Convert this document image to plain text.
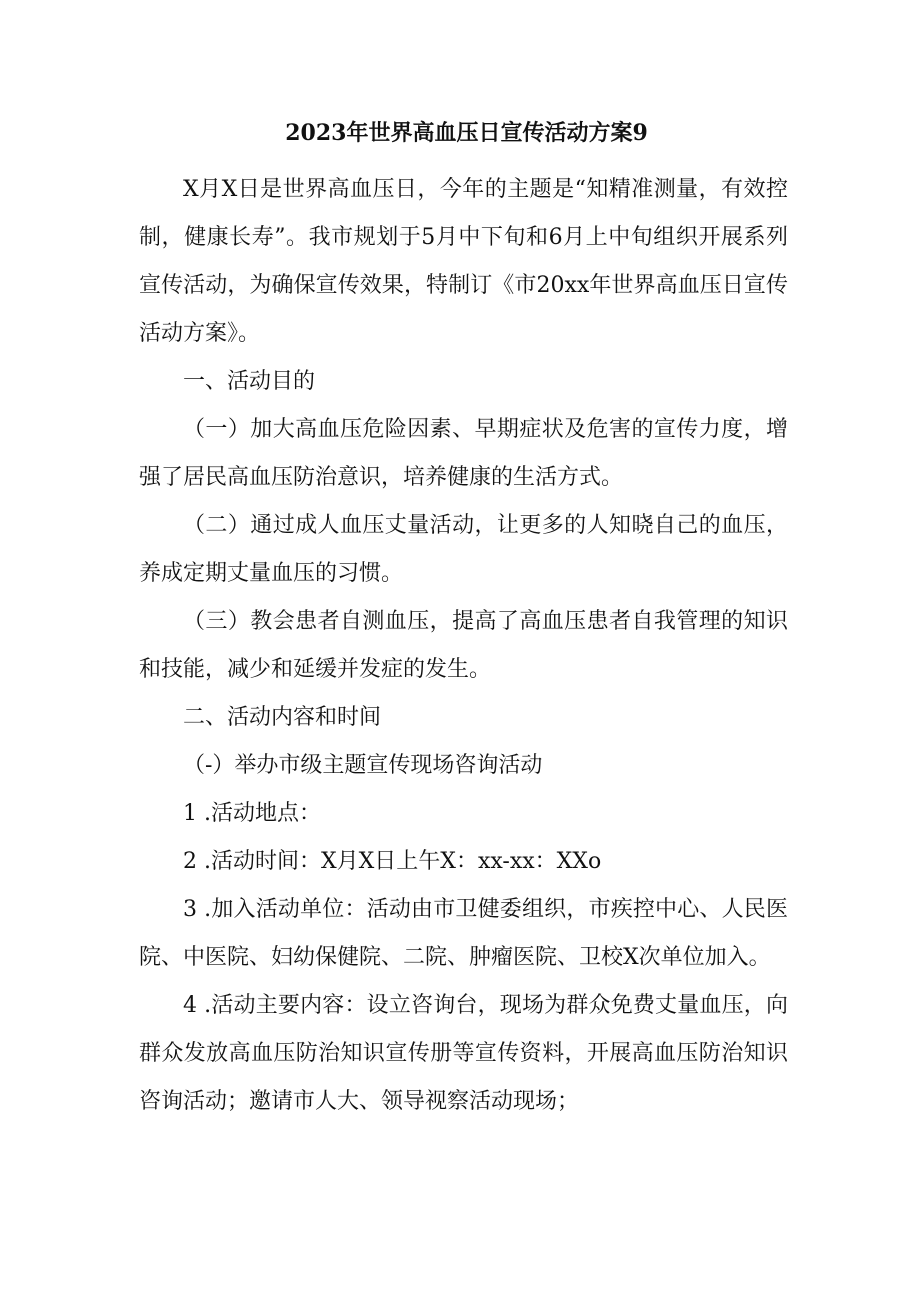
2023年世界高血压日宣传活动方案9

X月X日是世界高血压日，今年的主题是“知精准测量，有效控制，健康长寿”。我市规划于5月中下旬和6月上中旬组织开展系列宣传活动，为确保宣传效果，特制订《市20xx年世界高血压日宣传活动方案》。

一、活动目的

（一）加大高血压危险因素、早期症状及危害的宣传力度，增强了居民高血压防治意识，培养健康的生活方式。

（二）通过成人血压丈量活动，让更多的人知晓自己的血压，养成定期丈量血压的习惯。

（三）教会患者自测血压，提高了高血压患者自我管理的知识和技能，减少和延缓并发症的发生。

二、活动内容和时间

（-）举办市级主题宣传现场咨询活动

1 .活动地点：

2 .活动时间：X月X日上午X：xx-xx：XXo

3 .加入活动单位：活动由市卫健委组织，市疾控中心、人民医院、中医院、妇幼保健院、二院、肿瘤医院、卫校X次单位加入。

4 .活动主要内容：设立咨询台，现场为群众免费丈量血压，向群众发放高血压防治知识宣传册等宣传资料，开展高血压防治知识咨询活动；邀请市人大、领导视察活动现场；
